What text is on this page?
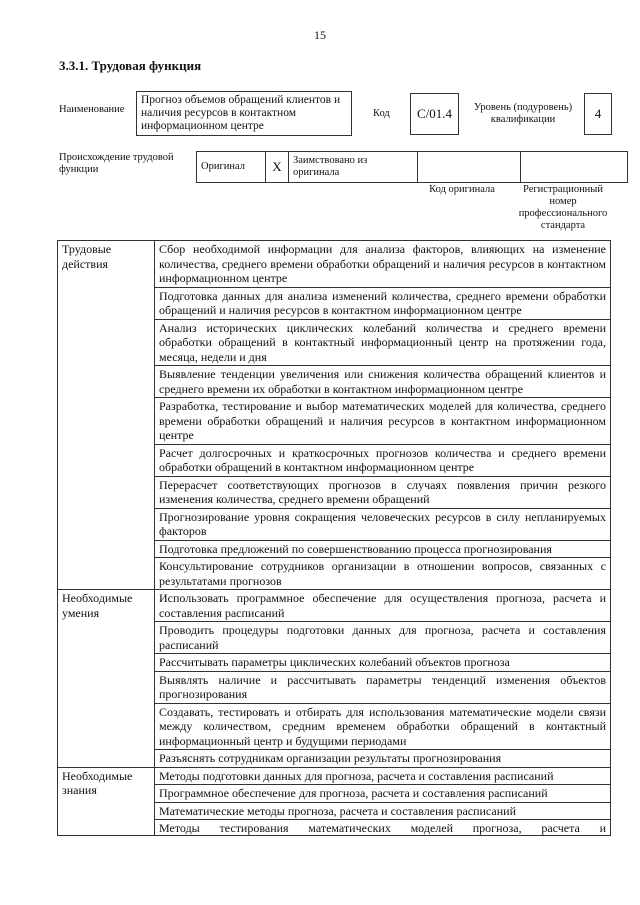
15
3.3.1. Трудовая функция
Наименование
Прогноз объемов обращений клиентов и наличия ресурсов в контактном информационном центре
Код C/01.4	Уровень (подуровень) квалификации	4
Происхождение трудовой функции	Оригинал	X	Заимствовано из оригинала		
Код оригинала	Регистрационный номер профессионального стандарта
Трудовые действия	Сбор необходимой информации для анализа факторов, влияющих на изменение количества, среднего времени обработки обращений и наличия ресурсов в контактном информационном центре
	Подготовка данных для анализа изменений количества, среднего времени обработки обращений и наличия ресурсов в контактном информационном центре
	Анализ исторических циклических колебаний количества и среднего времени обработки обращений в контактный информационный центр на протяжении года, месяца, недели и дня
	Выявление тенденции увеличения или снижения количества обращений клиентов и среднего времени их обработки в контактном информационном центре
	Разработка, тестирование и выбор математических моделей для количества, среднего времени обработки обращений и наличия ресурсов в контактном информационном центре
	Расчет долгосрочных и краткосрочных прогнозов количества и среднего времени обработки обращений в контактном информационном центре
	Перерасчет соответствующих прогнозов в случаях появления причин резкого изменения количества, среднего времени обращений
	Прогнозирование уровня сокращения человеческих ресурсов в силу непланируемых факторов
	Подготовка предложений по совершенствованию процесса прогнозирования
	Консультирование сотрудников организации в отношении вопросов, связанных с результатами прогнозов
Необходимые умения	Использовать программное обеспечение для осуществления прогноза, расчета и составления расписаний
	Проводить процедуры подготовки данных для прогноза, расчета и составления расписаний
	Рассчитывать параметры циклических колебаний объектов прогноза
	Выявлять наличие и рассчитывать параметры тенденций изменения объектов прогнозирования
	Создавать, тестировать и отбирать для использования математические модели связи между количеством, средним временем обработки обращений в контактный информационный центр и будущими периодами
	Разъяснять сотрудникам организации результаты прогнозирования
Необходимые знания	Методы подготовки данных для прогноза, расчета и составления расписаний
	Программное обеспечение для прогноза, расчета и составления расписаний
	Математические методы прогноза, расчета и составления расписаний

	Методы тестирования математических моделей прогноза, расчета и
